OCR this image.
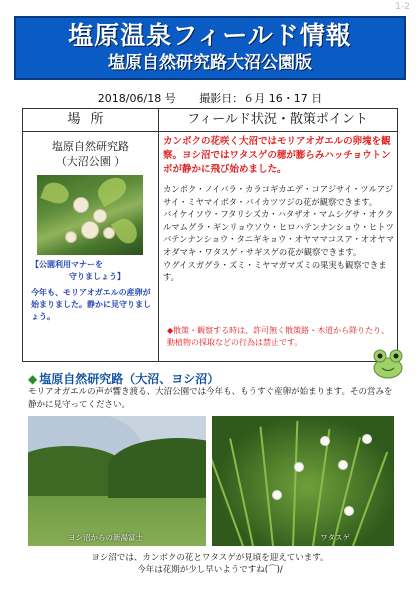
1-2
塩原温泉フィールド情報
塩原自然研究路大沼公園版
2018/06/18 号 撮影日：６月 16・17 日
場所	フィールド状況・散策ポイント
塩原自然研究路
（大沼公園 ）
【公園利用マナーを
守りましょう】
今年も、モリアオガエルの産卵が始まりました。静かに見守りましょう。
カンボクの花咲く大沼ではモリアオガエルの卵塊を観察。ヨシ沼ではワタスゲの穂が膨らみハッチョウトンボが静かに飛び始めました。

カンボク・ノイバラ・カラコギカエデ・コアジサイ・ツルアジサイ・ミヤマイボタ・バイカツツジの花が観察できます。

バイケイソウ・フタリシズカ・ハタザオ・マムシグサ・オククルマムグラ・ギンリョウソウ・ヒロハテンナンショウ・ヒトツバテンナンショウ・タニギキョウ・オヤママコスア・オオヤマオダマキ・ワタスゲ・サギスゲの花が観察できます。

ウグイスガグラ・ズミ・ミヤマガマズミの果実も観察できます。

◆散策・観察する時は、許可無く散策路・木道から降りたり、動植物の採取などの行為は禁止です。
◆ 塩原自然研究路（大沼、ヨシ沼）
モリアオガエルの声が響き渡る、大沼公園では今年も、もうすぐ産卵が始まります。その営みを静かに見守ってください。
ヨシ沼からの新湯富士	ワタスゲ
ヨシ沼では、カンボクの花とワタスゲが見頃を迎えています。
今年は花期が少し早いようですね(⌒)/
